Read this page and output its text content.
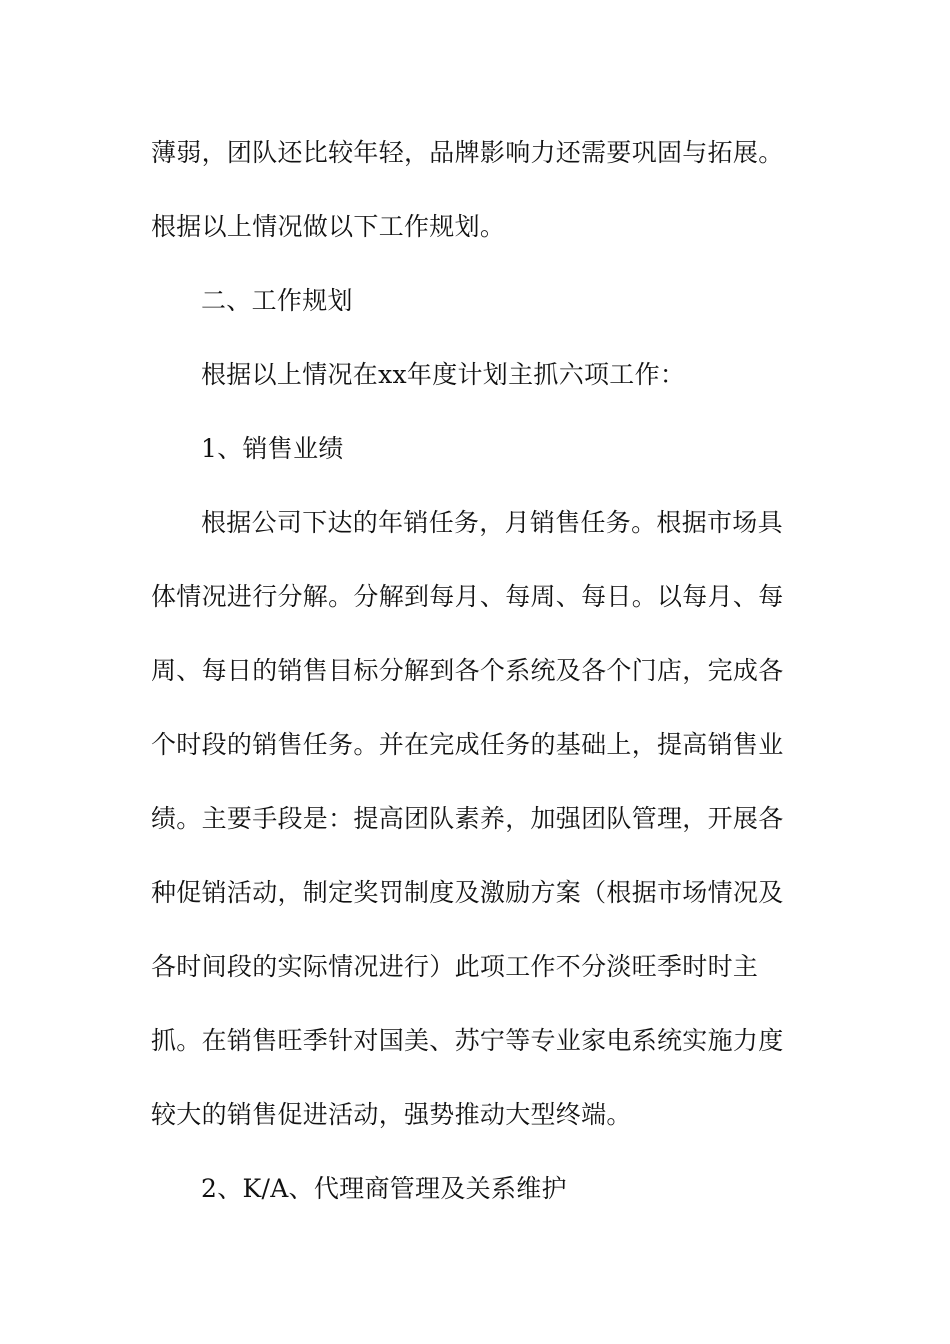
薄弱，团队还比较年轻，品牌影响力还需要巩固与拓展。
根据以上情况做以下工作规划。
二、工作规划
根据以上情况在xx年度计划主抓六项工作：
1、销售业绩
根据公司下达的年销任务，月销售任务。根据市场具
体情况进行分解。分解到每月、每周、每日。以每月、每
周、每日的销售目标分解到各个系统及各个门店，完成各
个时段的销售任务。并在完成任务的基础上，提高销售业
绩。主要手段是：提高团队素养，加强团队管理，开展各
种促销活动，制定奖罚制度及激励方案（根据市场情况及
各时间段的实际情况进行）此项工作不分淡旺季时时主
抓。在销售旺季针对国美、苏宁等专业家电系统实施力度
较大的销售促进活动，强势推动大型终端。
2、K/A、代理商管理及关系维护
